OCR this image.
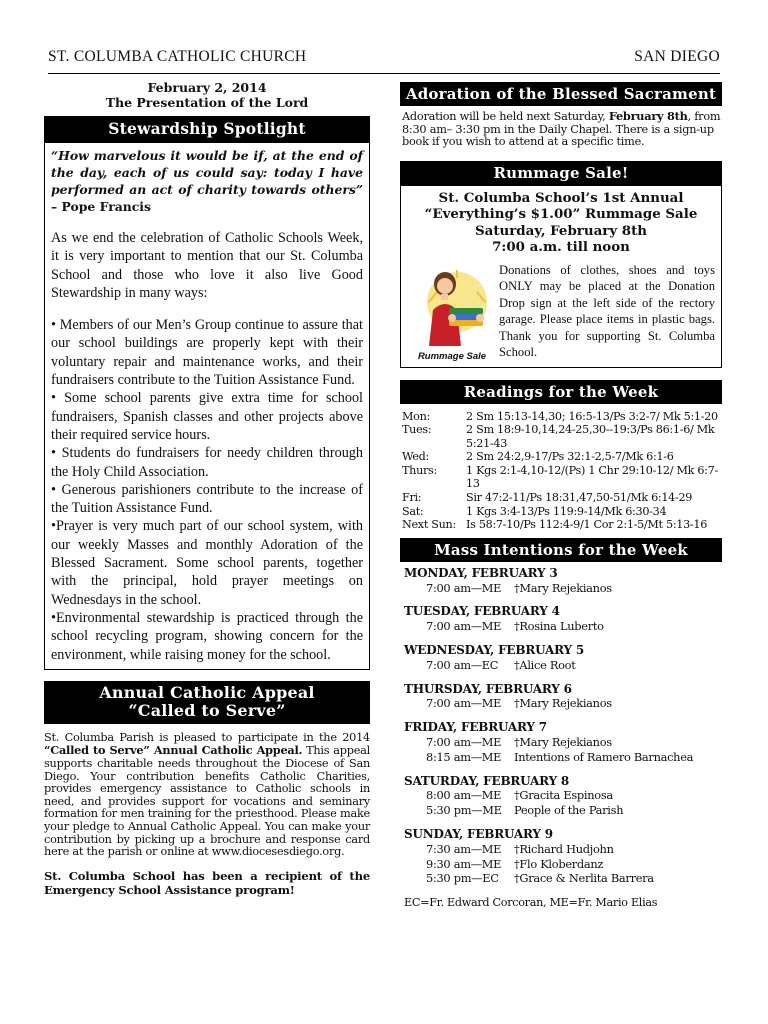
ST. COLUMBA CATHOLIC CHURCH	SAN DIEGO
February 2, 2014
The Presentation of the Lord
Stewardship Spotlight
“How marvelous it would be if, at the end of the day, each of us could say: today I have performed an act of charity towards others” – Pope Francis
As we end the celebration of Catholic Schools Week, it is very important to mention that our St. Columba School and those who love it also live Good Stewardship in many ways:
• Members of our Men’s Group continue to assure that our school buildings are properly kept with their voluntary repair and maintenance works, and their fundraisers contribute to the Tuition Assistance Fund.
• Some school parents give extra time for school fundraisers, Spanish classes and other projects above their required service hours.
• Students do fundraisers for needy children through the Holy Child Association.
• Generous parishioners contribute to the increase of the Tuition Assistance Fund.
•Prayer is very much part of our school system, with our weekly Masses and monthly Adoration of the Blessed Sacrament. Some school parents, together with the principal, hold prayer meetings on Wednesdays in the school.
•Environmental stewardship is practiced through the school recycling program, showing concern for the environment, while raising money for the school.
Annual Catholic Appeal
“Called to Serve”
St. Columba Parish is pleased to participate in the 2014 “Called to Serve” Annual Catholic Appeal. This appeal supports charitable needs throughout the Diocese of San Diego. Your contribution benefits Catholic Charities, provides emergency assistance to Catholic schools in need, and provides support for vocations and seminary formation for men training for the priesthood. Please make your pledge to Annual Catholic Appeal. You can make your contribution by picking up a brochure and response card here at the parish or online at www.diocesesdiego.org.
St. Columba School has been a recipient of the Emergency School Assistance program!
Adoration of the Blessed Sacrament
Adoration will be held next Saturday, February 8th, from 8:30 am– 3:30 pm in the Daily Chapel. There is a sign-up book if you wish to attend at a specific time.
Rummage Sale!
St. Columba School’s 1st Annual
“Everything’s $1.00” Rummage Sale
Saturday, February 8th
7:00 a.m. till noon
Rummage Sale
Donations of clothes, shoes and toys ONLY may be placed at the Donation Drop sign at the left side of the rectory garage. Please place items in plastic bags. Thank you for supporting St. Columba School.
Readings for the Week
Mon:	2 Sm 15:13-14,30; 16:5-13/Ps 3:2-7/ Mk 5:1-20
Tues:	2 Sm 18:9-10,14,24-25,30--19:3/Ps 86:1-6/ Mk 5:21-43
Wed:	2 Sm 24:2,9-17/Ps 32:1-2,5-7/Mk 6:1-6
Thurs:	1 Kgs 2:1-4,10-12/(Ps) 1 Chr 29:10-12/ Mk 6:7-13
Fri:	Sir 47:2-11/Ps 18:31,47,50-51/Mk 6:14-29
Sat:	1 Kgs 3:4-13/Ps 119:9-14/Mk 6:30-34
Next Sun: Is 58:7-10/Ps 112:4-9/1 Cor 2:1-5/Mt 5:13-16
Mass Intentions for the Week
MONDAY, FEBRUARY 3
7:00 am—ME	†Mary Rejekianos
TUESDAY, FEBRUARY 4
7:00 am—ME	†Rosina Luberto
WEDNESDAY, FEBRUARY 5
7:00 am—EC	†Alice Root
THURSDAY, FEBRUARY 6
7:00 am—ME	†Mary Rejekianos
FRIDAY, FEBRUARY 7
7:00 am—ME	†Mary Rejekianos
8:15 am—ME	Intentions of Ramero Barnachea
SATURDAY, FEBRUARY 8
8:00 am—ME	†Gracita Espinosa
5:30 pm—ME	People of the Parish
SUNDAY, FEBRUARY 9
7:30 am—ME	†Richard Hudjohn
9:30 am—ME	†Flo Kloberdanz
5:30 pm—EC	†Grace & Nerlita Barrera
EC=Fr. Edward Corcoran, ME=Fr. Mario Elias
